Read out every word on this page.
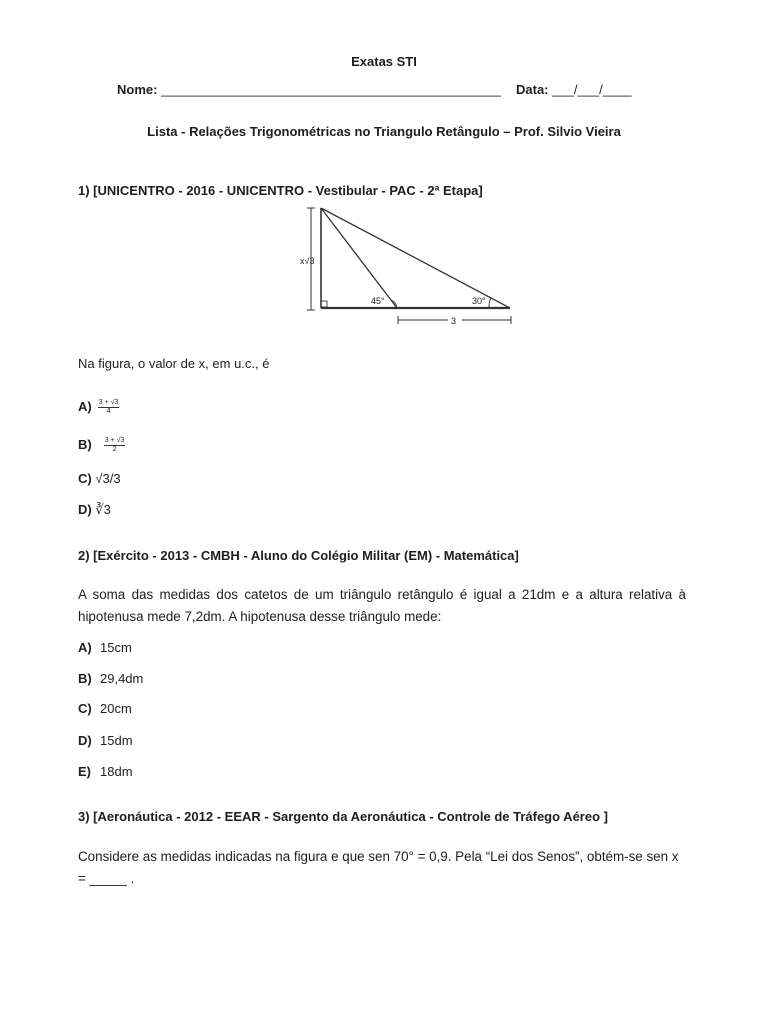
Exatas STI
Nome: _______________________________________________ Data: ___/___/____
Lista - Relações Trigonométricas no Triangulo Retângulo – Prof. Silvio Vieira
1) [UNICENTRO - 2016 - UNICENTRO - Vestibular - PAC - 2ª Etapa]
x√3
45°	30°
3
Na figura, o valor de x, em u.c., é
$A) \frac{3 + √3}{4}$
$B) \frac{3 + √3}{2}$
C) √3/3
D) ∛3
2) [Exército - 2013 - CMBH - Aluno do Colégio Militar (EM) - Matemática]
A soma das medidas dos catetos de um triângulo retângulo é igual a 21dm e a altura relativa à
hipotenusa mede 7,2dm. A hipotenusa desse triângulo mede:
A) 15cm
B) 29,4dm
C) 20cm
D) 15dm
E) 18dm
3) [Aeronáutica - 2012 - EEAR - Sargento da Aeronáutica - Controle de Tráfego Aéreo ]
Considere as medidas indicadas na figura e que sen 70° = 0,9. Pela “Lei dos Senos”, obtém-se sen x
= _____ .
